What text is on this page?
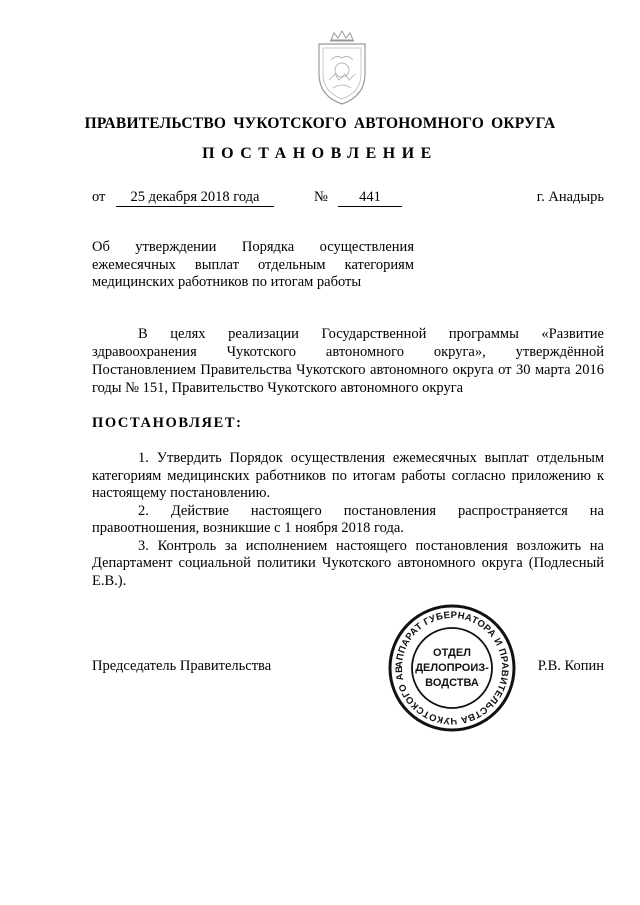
ПРАВИТЕЛЬСТВО ЧУКОТСКОГО АВТОНОМНОГО ОКРУГА
ПОСТАНОВЛЕНИЕ
от	25 декабря 2018 года	№	441	г. Анадырь
Об утверждении Порядка осуществления ежемесячных выплат отдельным категориям медицинских работников по итогам работы
В целях реализации Государственной программы «Развитие здравоохранения Чукотского автономного округа», утверждённой Постановлением Правительства Чукотского автономного округа от 30 марта 2016 годы № 151, Правительство Чукотского автономного округа
ПОСТАНОВЛЯЕТ:

1. Утвердить Порядок осуществления ежемесячных выплат отдельным категориям медицинских работников по итогам работы согласно приложению к настоящему постановлению.

2. Действие настоящего постановления распространяется на правоотношения, возникшие с 1 ноября 2018 года.

3. Контроль за исполнением настоящего постановления возложить на Департамент социальной политики Чукотского автономного округа (Подлесный Е.В.).

Председатель Правительства	Р.В. Копин
АППАРАТ ГУБЕРНАТОРА И ПРАВИТЕЛЬСТВА ЧУКОТСКОГО АВ
ОТДЕЛ
ДЕЛОПРОИЗ-
ВОДСТВА
